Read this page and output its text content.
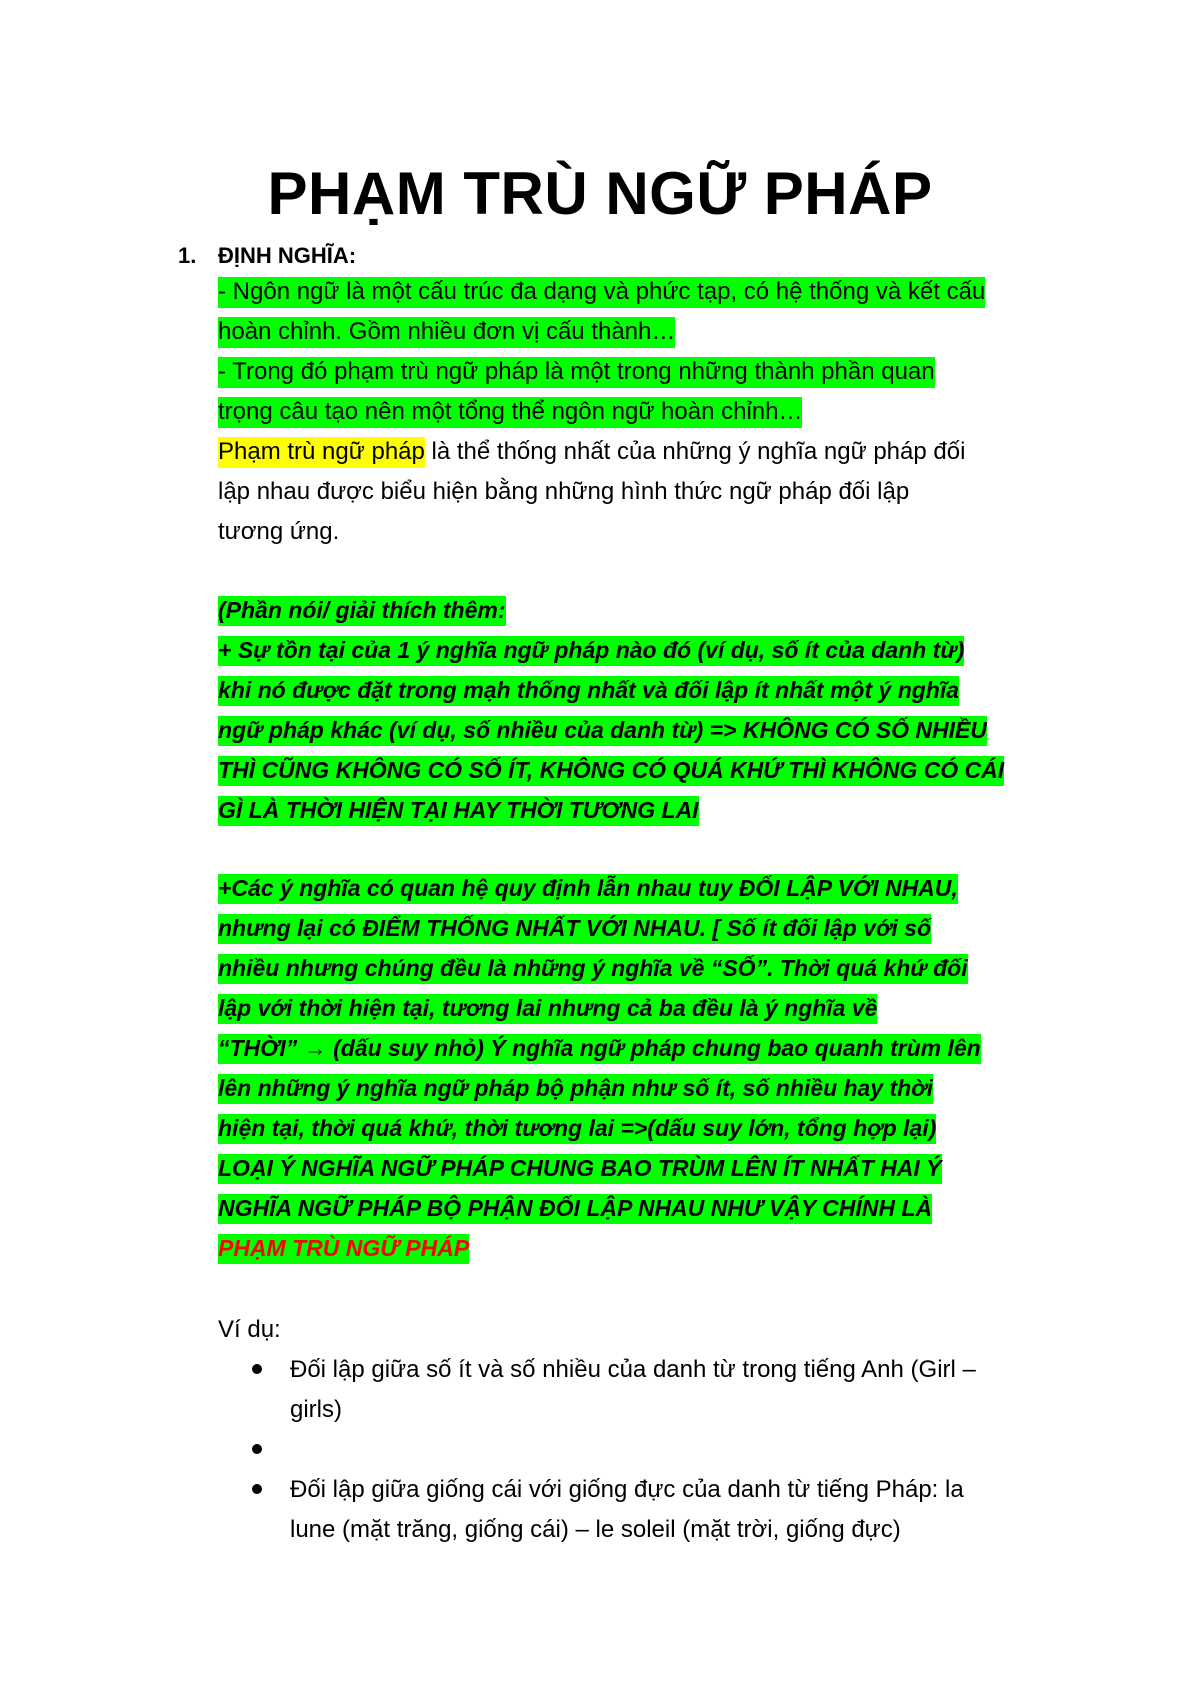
PHẠM TRÙ NGỮ PHÁP
1. ĐỊNH NGHĨA:
- Ngôn ngữ là một cấu trúc đa dạng và phức tạp, có hệ thống và kết cấu
hoàn chỉnh. Gồm nhiều đơn vị cấu thành…
- Trong đó phạm trù ngữ pháp là một trong những thành phần quan
trọng câu tạo nên một tổng thể ngôn ngữ hoàn chỉnh…
Phạm trù ngữ pháp là thể thống nhất của những ý nghĩa ngữ pháp đối
lập nhau được biểu hiện bằng những hình thức ngữ pháp đối lập
tương ứng.
(Phần nói/ giải thích thêm:
+ Sự tồn tại của 1 ý nghĩa ngữ pháp nào đó (ví dụ, số ít của danh từ)
khi nó được đặt trong mạh thống nhất và đối lập ít nhất một ý nghĩa
ngữ pháp khác (ví dụ, số nhiều của danh từ) => KHÔNG CÓ SỐ NHIỀU
THÌ CŨNG KHÔNG CÓ SỐ ÍT, KHÔNG CÓ QUÁ KHỨ THÌ KHÔNG CÓ CÁI
GÌ LÀ THỜI HIỆN TẠI HAY THỜI TƯƠNG LAI
+Các ý nghĩa có quan hệ quy định lẫn nhau tuy ĐỐI LẬP VỚI NHAU,
nhưng lại có ĐIỂM THỐNG NHẤT VỚI NHAU. [ Số ít đối lập với số
nhiều nhưng chúng đều là những ý nghĩa về “SỐ”. Thời quá khứ đối
lập với thời hiện tại, tương lai nhưng cả ba đều là ý nghĩa về
“THỜI” → (dấu suy nhỏ) Ý nghĩa ngữ pháp chung bao quanh trùm lên
lên những ý nghĩa ngữ pháp bộ phận như số ít, số nhiều hay thời
hiện tại, thời quá khứ, thời tương lai =>(dấu suy lớn, tổng hợp lại)
LOẠI Ý NGHĨA NGỮ PHÁP CHUNG BAO TRÙM LÊN ÍT NHẤT HAI Ý
NGHĨA NGỮ PHÁP BỘ PHẬN ĐỐI LẬP NHAU NHƯ VẬY CHÍNH LÀ
PHẠM TRÙ NGỮ PHÁP
Ví dụ:
Đối lập giữa số ít và số nhiều của danh từ trong tiếng Anh (Girl –
girls)
Đối lập giữa giống cái với giống đực của danh từ tiếng Pháp: la
lune (mặt trăng, giống cái) – le soleil (mặt trời, giống đực)
